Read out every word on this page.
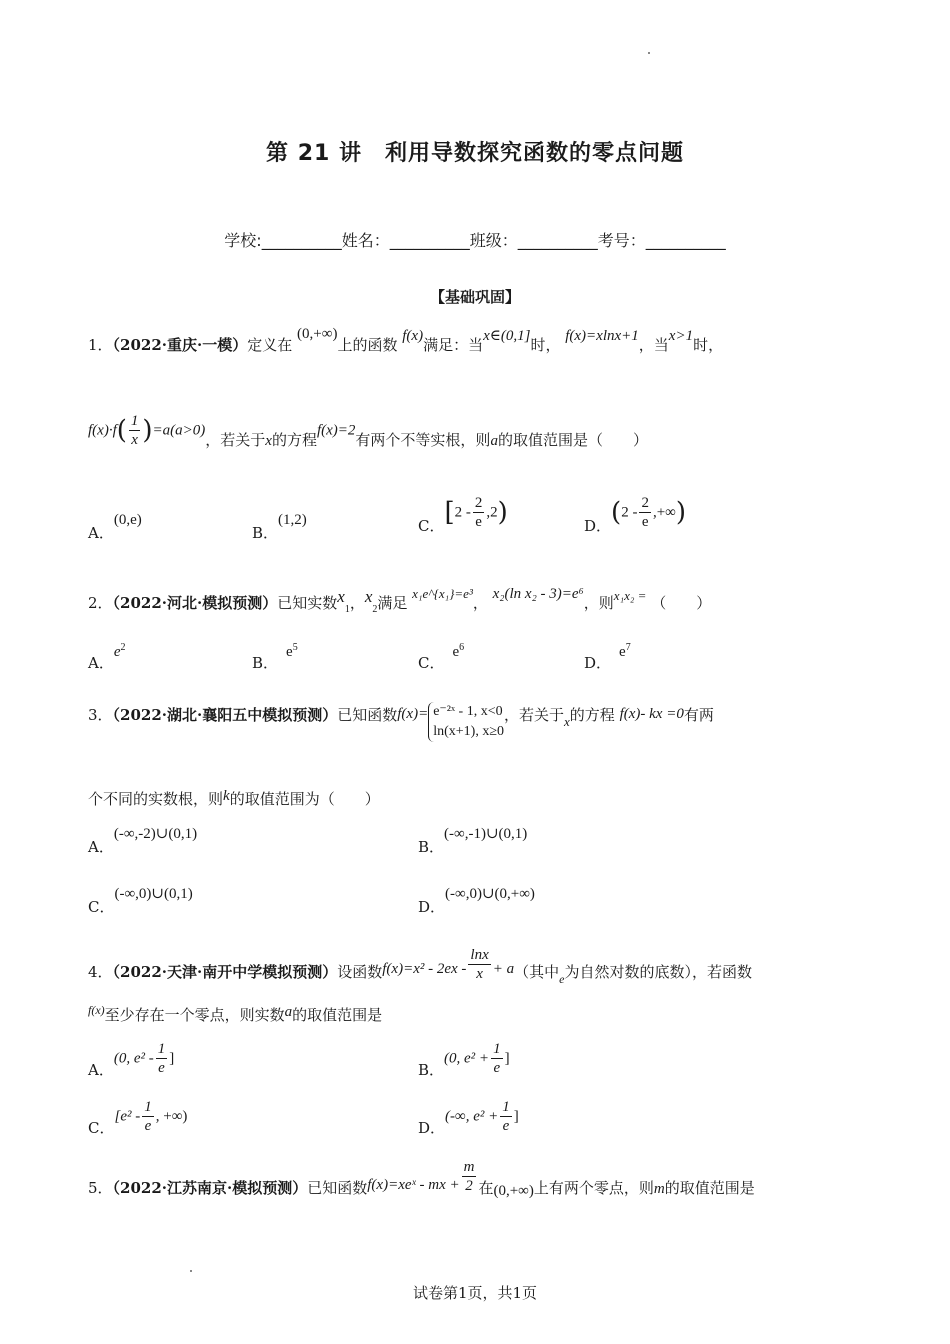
第 21 讲　利用导数探究函数的零点问题
学校:__________姓名：__________班级：__________考号：__________
【基础巩固】
1．（2022·重庆·一模）定义在 (0,+∞)上的函数 f(x)满足：当x∈(0,1]时， f(x)=xlnx+1，当x>1时，
$f(x)\cdot f( \frac{1}{x} )=a(a>0)$，若关于x的方程f(x)=2有两个不等实根，则a的取值范围是（　　）
A．(0,e)
B．(1,2)	C．$[2 - \frac{2}{e} ,2)$	D．($2 - \frac{2}{e}$ ,+∞)
2．（2022·河北·模拟预测）已知实数$x_1$，$x_2$满足 x₁e^{x₁}=e³， x₂(ln x₂ - 3)=e⁶，则x₁x₂ = （　　）
A．$e^2$
B．$e^5$
C．$e^6$
D．$e^7$
3．（2022·湖北·襄阳五中模拟预测）已知函数f(x)= e⁻²ˣ - 1, x<0
ln(x+1), x≥0
，若关于x的方程 f(x)- kx =0有两
个不同的实数根，则k的取值范围为（　　）
A．(-∞,-2)∪(0,1)
B．(-∞,-1)∪(0,1)
C．(-∞,0)∪(0,1)
D．(-∞,0)∪(0,+∞)
4．（2022·天津·南开中学模拟预测）设函数$f(x)=x^2 - 2ex - \frac{\ln x}{x} + a$（其中$_e$为自然对数的底数），若函数
$^{f(x)}$至少存在一个零点，则实数a的取值范围是
A．(0, $e^2 - \frac{1}{e}$ ]
B．(0, $e^2 + \frac{1}{e}$ ]
C．[$e^2 - \frac{1}{e}$ , +∞)
D．(-∞, $e^2 + \frac{1}{e}$ ]
5．（2022·江苏南京·模拟预测）已知函数f(x)=xeˣ - mx + $\frac{m}{2}$ 在(0,+∞)上有两个零点，则m的取值范围是
试卷第1页，共1页
